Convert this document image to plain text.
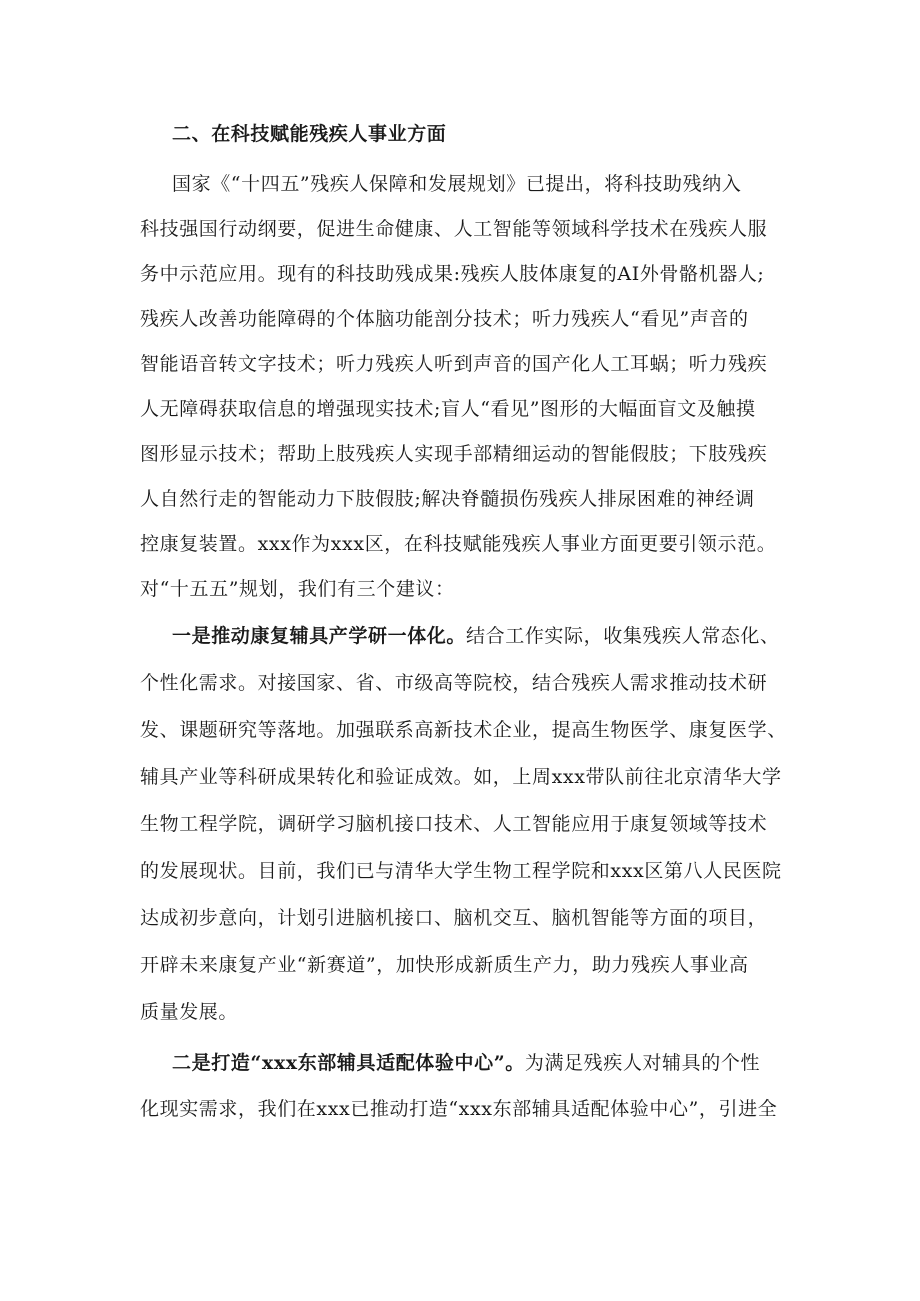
二、在科技赋能残疾人事业方面
国家《“十四五”残疾人保障和发展规划》已提出，将科技助残纳入
科技强国行动纲要，促进生命健康、人工智能等领域科学技术在残疾人服
务中示范应用。现有的科技助残成果:残疾人肢体康复的AI外骨骼机器人;
残疾人改善功能障碍的个体脑功能剖分技术；听力残疾人“看见”声音的
智能语音转文字技术；听力残疾人听到声音的国产化人工耳蜗；听力残疾
人无障碍获取信息的增强现实技术;盲人“看见”图形的大幅面盲文及触摸
图形显示技术；帮助上肢残疾人实现手部精细运动的智能假肢；下肢残疾
人自然行走的智能动力下肢假肢;解决脊髓损伤残疾人排尿困难的神经调
控康复装置。xxx作为xxx区，在科技赋能残疾人事业方面更要引领示范。
对“十五五”规划，我们有三个建议：
一是推动康复辅具产学研一体化。结合工作实际，收集残疾人常态化、
个性化需求。对接国家、省、市级高等院校，结合残疾人需求推动技术研
发、课题研究等落地。加强联系高新技术企业，提高生物医学、康复医学、
辅具产业等科研成果转化和验证成效。如，上周xxx带队前往北京清华大学
生物工程学院，调研学习脑机接口技术、人工智能应用于康复领域等技术
的发展现状。目前，我们已与清华大学生物工程学院和xxx区第八人民医院
达成初步意向，计划引进脑机接口、脑机交互、脑机智能等方面的项目，
开辟未来康复产业“新赛道”，加快形成新质生产力，助力残疾人事业高
质量发展。
二是打造“xxx东部辅具适配体验中心”。为满足残疾人对辅具的个性
化现实需求，我们在xxx已推动打造“xxx东部辅具适配体验中心”，引进全
